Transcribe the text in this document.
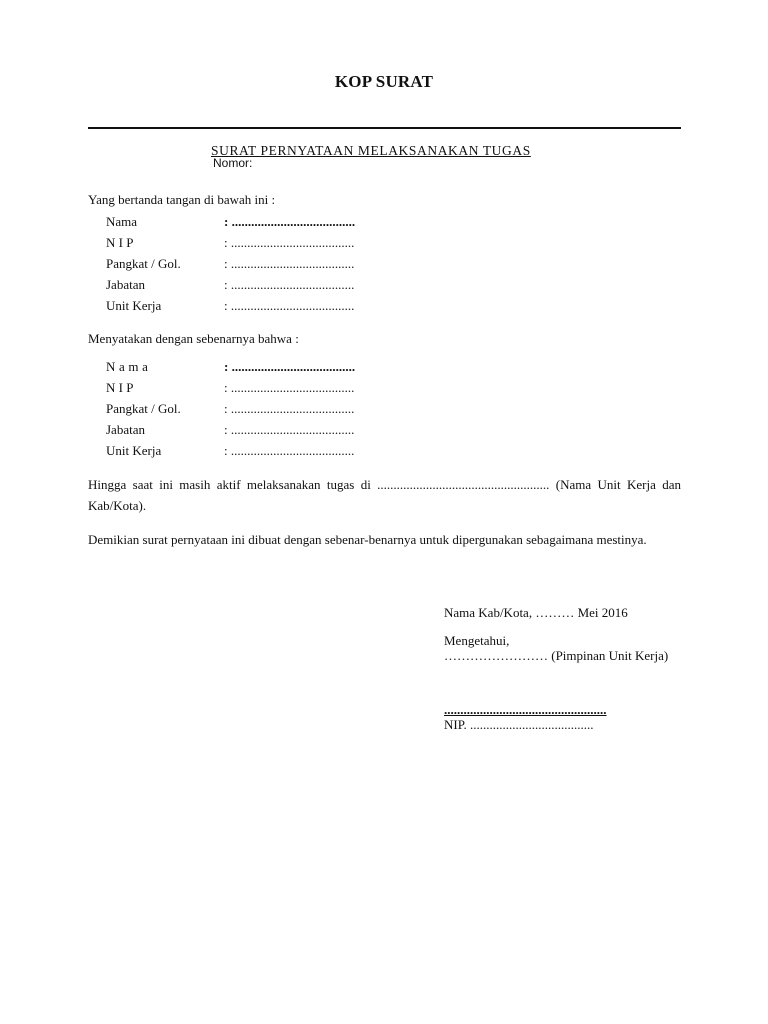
KOP SURAT
SURAT PERNYATAAN MELAKSANAKAN TUGAS
Nomor:
Yang bertanda tangan di bawah ini :
Nama	: ......................................
N I P	: ......................................
Pangkat / Gol.	: ......................................
Jabatan	: ......................................
Unit Kerja	: ......................................
Menyatakan dengan sebenarnya bahwa :
Nama	: ......................................
N I P	: ......................................
Pangkat / Gol.	: ......................................
Jabatan	: ......................................
Unit Kerja	: ......................................
Hingga saat ini masih aktif melaksanakan tugas di ..................................................... (Nama Unit Kerja dan Kab/Kota).
Demikian surat pernyataan ini dibuat dengan sebenar-benarnya untuk dipergunakan sebagaimana mestinya.
Nama Kab/Kota, ……… Mei 2016
Mengetahui,
…………………… (Pimpinan Unit Kerja)
..................................................
NIP. ......................................
